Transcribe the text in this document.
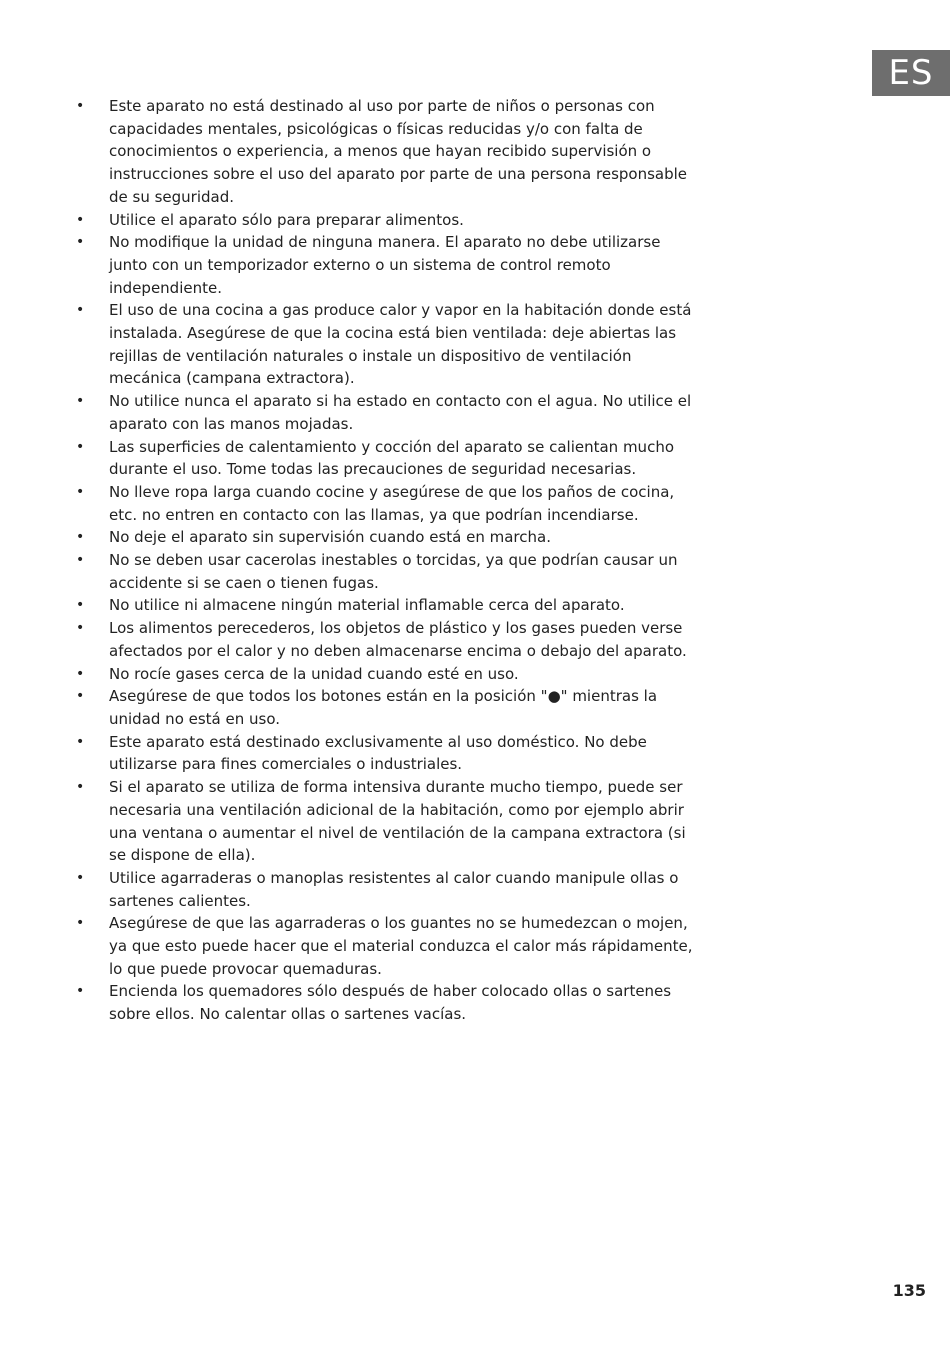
ES
• Este aparato no está destinado al uso por parte de niños o personas con capacidades mentales, psicológicas o físicas reducidas y/o con falta de conocimientos o experiencia, a menos que hayan recibido supervisión o instrucciones sobre el uso del aparato por parte de una persona responsable de su seguridad.
• Utilice el aparato sólo para preparar alimentos.
• No modifique la unidad de ninguna manera. El aparato no debe utilizarse junto con un temporizador externo o un sistema de control remoto independiente.
• El uso de una cocina a gas produce calor y vapor en la habitación donde está instalada. Asegúrese de que la cocina está bien ventilada: deje abiertas las rejillas de ventilación naturales o instale un dispositivo de ventilación mecánica (campana extractora).
• No utilice nunca el aparato si ha estado en contacto con el agua. No utilice el aparato con las manos mojadas.
• Las superficies de calentamiento y cocción del aparato se calientan mucho durante el uso. Tome todas las precauciones de seguridad necesarias.
• No lleve ropa larga cuando cocine y asegúrese de que los paños de cocina, etc. no entren en contacto con las llamas, ya que podrían incendiarse.
• No deje el aparato sin supervisión cuando está en marcha.
• No se deben usar cacerolas inestables o torcidas, ya que podrían causar un accidente si se caen o tienen fugas.
• No utilice ni almacene ningún material inflamable cerca del aparato.
• Los alimentos perecederos, los objetos de plástico y los gases pueden verse afectados por el calor y no deben almacenarse encima o debajo del aparato.
• No rocíe gases cerca de la unidad cuando esté en uso.
• Asegúrese de que todos los botones están en la posición "●" mientras la unidad no está en uso.
• Este aparato está destinado exclusivamente al uso doméstico. No debe utilizarse para fines comerciales o industriales.
• Si el aparato se utiliza de forma intensiva durante mucho tiempo, puede ser necesaria una ventilación adicional de la habitación, como por ejemplo abrir una ventana o aumentar el nivel de ventilación de la campana extractora (si se dispone de ella).
• Utilice agarraderas o manoplas resistentes al calor cuando manipule ollas o sartenes calientes.
• Asegúrese de que las agarraderas o los guantes no se humedezcan o mojen, ya que esto puede hacer que el material conduzca el calor más rápidamente, lo que puede provocar quemaduras.
• Encienda los quemadores sólo después de haber colocado ollas o sartenes sobre ellos. No calentar ollas o sartenes vacías.
135
